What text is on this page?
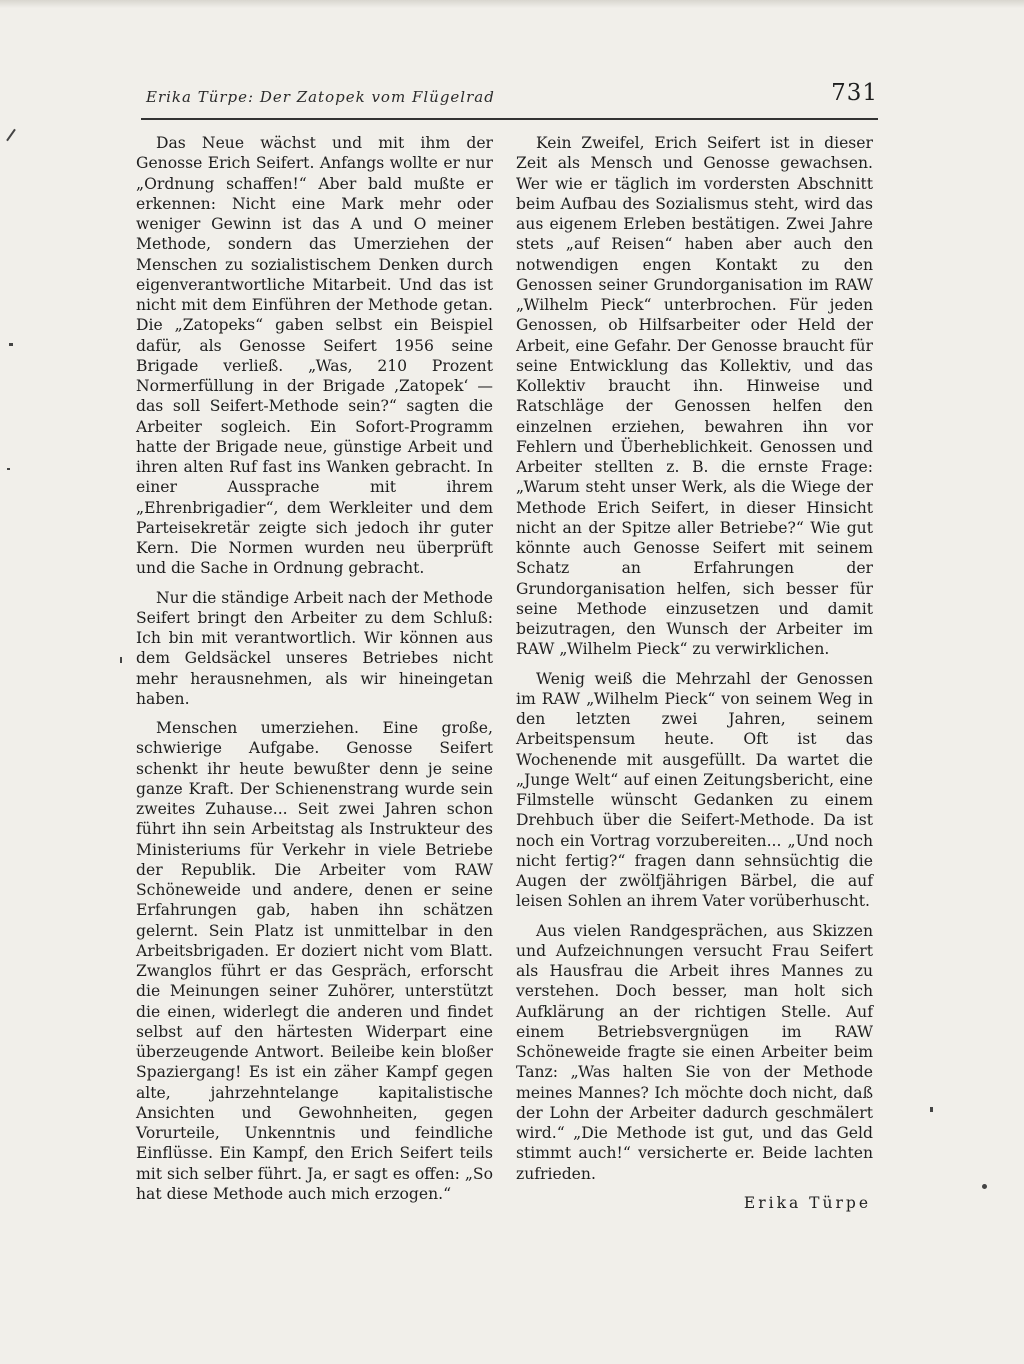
Erika Türpe: Der Zatopek vom Flügelrad	731

Das Neue wächst und mit ihm der Genosse Erich Seifert. Anfangs wollte er nur „Ordnung schaffen!“ Aber bald mußte er erkennen: Nicht eine Mark mehr oder weniger Gewinn ist das A und O meiner Methode, sondern das Umerziehen der Menschen zu sozialistischem Denken durch eigenverantwortliche Mitarbeit. Und das ist nicht mit dem Einführen der Methode getan. Die „Zatopeks“ gaben selbst ein Beispiel dafür, als Genosse Seifert 1956 seine Brigade verließ. „Was, 210 Prozent Normerfüllung in der Brigade ‚Zatopek‘ — das soll Seifert-Methode sein?“ sagten die Arbeiter sogleich. Ein Sofort-Programm hatte der Brigade neue, günstige Arbeit und ihren alten Ruf fast ins Wanken gebracht. In einer Aussprache mit ihrem „Ehrenbrigadier“, dem Werkleiter und dem Parteisekretär zeigte sich jedoch ihr guter Kern. Die Normen wurden neu überprüft und die Sache in Ordnung gebracht.

Nur die ständige Arbeit nach der Methode Seifert bringt den Arbeiter zu dem Schluß: Ich bin mit verantwortlich. Wir können aus dem Geldsäckel unseres Betriebes nicht mehr herausnehmen, als wir hineingetan haben.

Menschen umerziehen. Eine große, schwierige Aufgabe. Genosse Seifert schenkt ihr heute bewußter denn je seine ganze Kraft. Der Schienenstrang wurde sein zweites Zuhause... Seit zwei Jahren schon führt ihn sein Arbeitstag als Instrukteur des Ministeriums für Verkehr in viele Betriebe der Republik. Die Arbeiter vom RAW Schöneweide und andere, denen er seine Erfahrungen gab, haben ihn schätzen gelernt. Sein Platz ist unmittelbar in den Arbeitsbrigaden. Er doziert nicht vom Blatt. Zwanglos führt er das Gespräch, erforscht die Meinungen seiner Zuhörer, unterstützt die einen, widerlegt die anderen und findet selbst auf den härtesten Widerpart eine überzeugende Antwort. Beileibe kein bloßer Spaziergang! Es ist ein zäher Kampf gegen alte, jahrzehntelange kapitalistische Ansichten und Gewohnheiten, gegen Vorurteile, Unkenntnis und feindliche Einflüsse. Ein Kampf, den Erich Seifert teils mit sich selber führt. Ja, er sagt es offen: „So hat diese Methode auch mich erzogen.“

Kein Zweifel, Erich Seifert ist in dieser Zeit als Mensch und Genosse gewachsen. Wer wie er täglich im vordersten Abschnitt beim Aufbau des Sozialismus steht, wird das aus eigenem Erleben bestätigen. Zwei Jahre stets „auf Reisen“ haben aber auch den notwendigen engen Kontakt zu den Genossen seiner Grundorganisation im RAW „Wilhelm Pieck“ unterbrochen. Für jeden Genossen, ob Hilfsarbeiter oder Held der Arbeit, eine Gefahr. Der Genosse braucht für seine Entwicklung das Kollektiv, und das Kollektiv braucht ihn. Hinweise und Ratschläge der Genossen helfen den einzelnen erziehen, bewahren ihn vor Fehlern und Überheblichkeit. Genossen und Arbeiter stellten z. B. die ernste Frage: „Warum steht unser Werk, als die Wiege der Methode Erich Seifert, in dieser Hinsicht nicht an der Spitze aller Betriebe?“ Wie gut könnte auch Genosse Seifert mit seinem Schatz an Erfahrungen der Grundorganisation helfen, sich besser für seine Methode einzusetzen und damit beizutragen, den Wunsch der Arbeiter im RAW „Wilhelm Pieck“ zu verwirklichen.

Wenig weiß die Mehrzahl der Genossen im RAW „Wilhelm Pieck“ von seinem Weg in den letzten zwei Jahren, seinem Arbeitspensum heute. Oft ist das Wochenende mit ausgefüllt. Da wartet die „Junge Welt“ auf einen Zeitungsbericht, eine Filmstelle wünscht Gedanken zu einem Drehbuch über die Seifert-Methode. Da ist noch ein Vortrag vorzubereiten... „Und noch nicht fertig?“ fragen dann sehnsüchtig die Augen der zwölfjährigen Bärbel, die auf leisen Sohlen an ihrem Vater vorüberhuscht.

Aus vielen Randgesprächen, aus Skizzen und Aufzeichnungen versucht Frau Seifert als Hausfrau die Arbeit ihres Mannes zu verstehen. Doch besser, man holt sich Aufklärung an der richtigen Stelle. Auf einem Betriebsvergnügen im RAW Schöneweide fragte sie einen Arbeiter beim Tanz: „Was halten Sie von der Methode meines Mannes? Ich möchte doch nicht, daß der Lohn der Arbeiter dadurch geschmälert wird.“ „Die Methode ist gut, und das Geld stimmt auch!“ versicherte er. Beide lachten zufrieden.

Erika Türpe
